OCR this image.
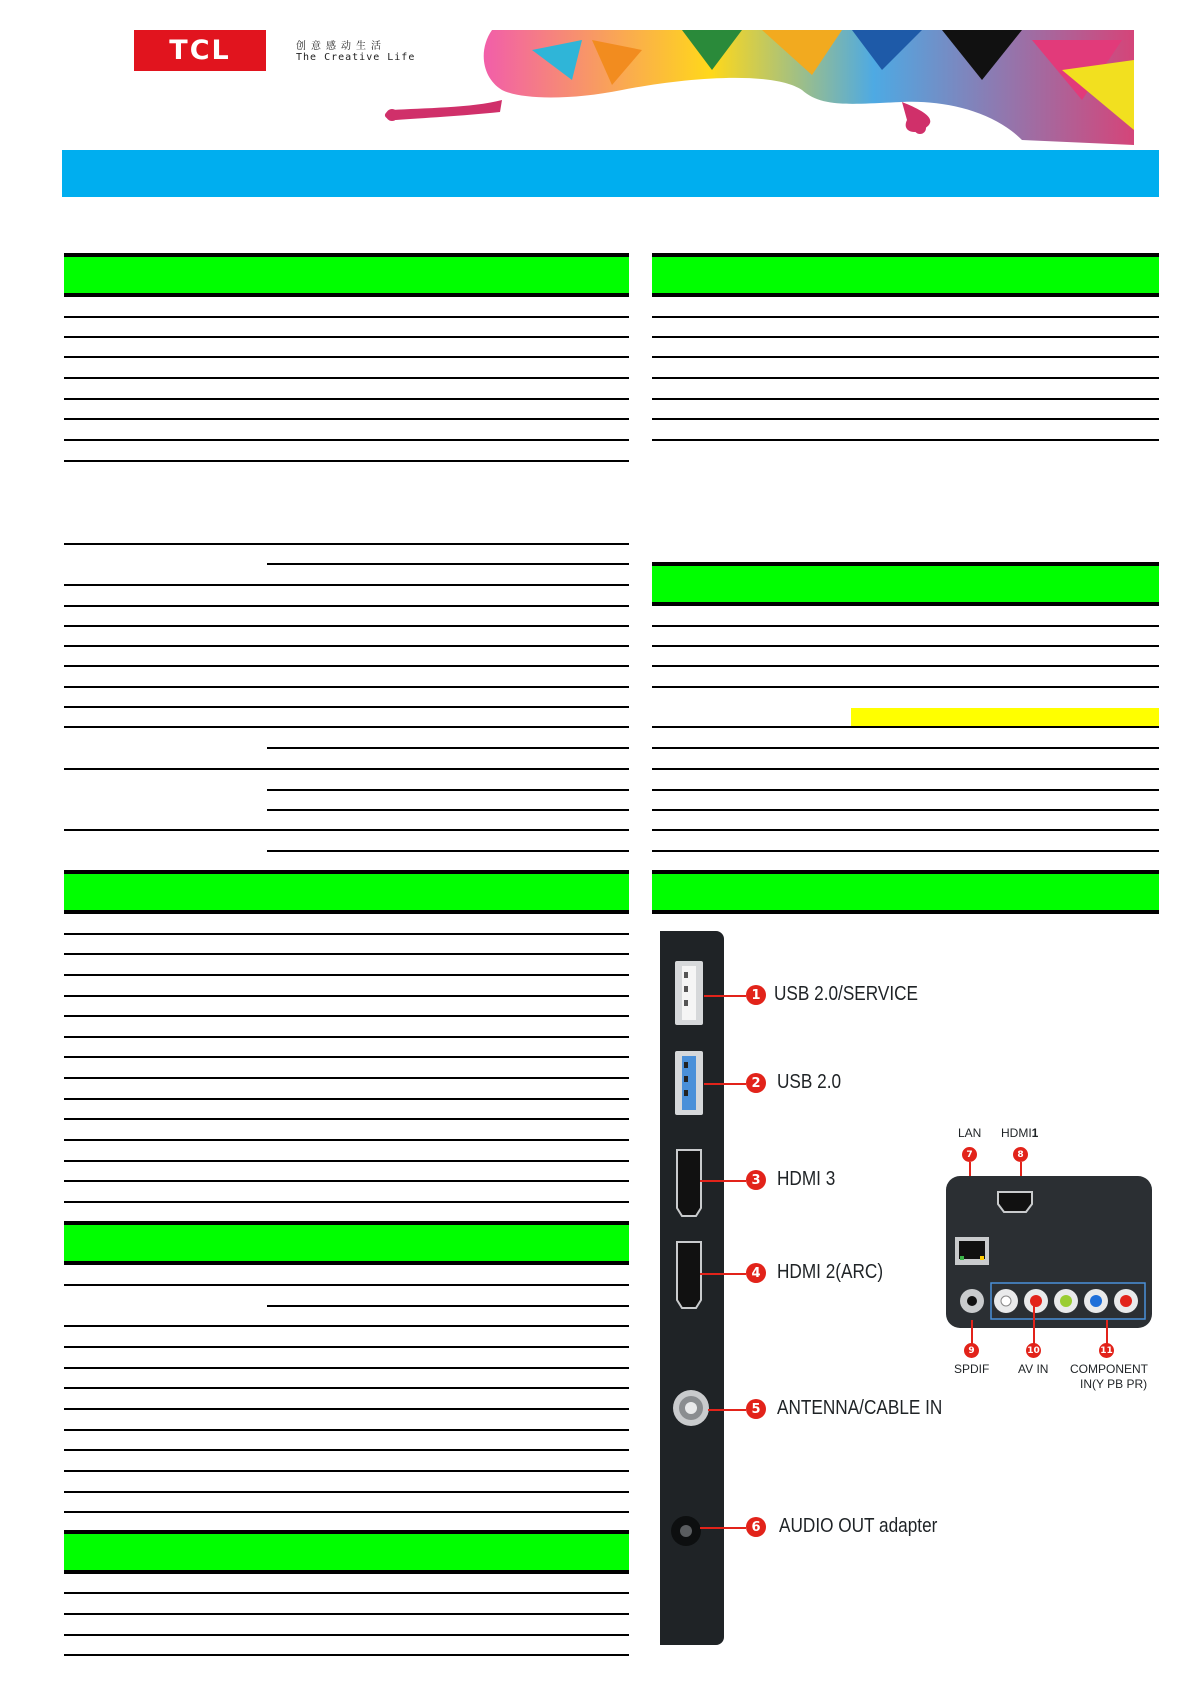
TCL	创意感动生活
The Creative Life
1 USB 2.0/SERVICE
2 USB 2.0
3 HDMI 3
4 HDMI 2(ARC)
5 ANTENNA/CABLE IN
6 AUDIO OUT adapter
LAN HDMI1
7	8
9	10	11
SPDIF AV IN COMPONENT
IN(Y PB PR)
